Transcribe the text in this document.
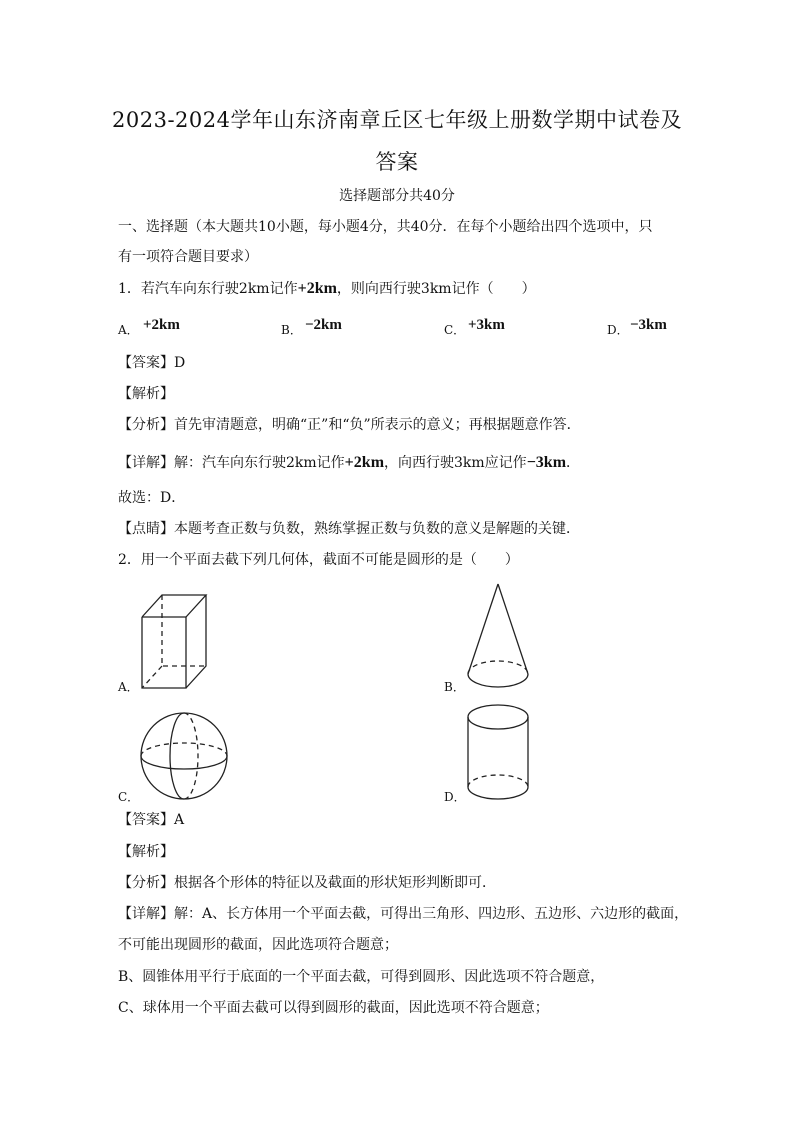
2023-2024学年山东济南章丘区七年级上册数学期中试卷及
答案
选择题部分共40分
一、选择题（本大题共10小题，每小题4分，共40分．在每个小题给出四个选项中，只
有一项符合题目要求）
1．若汽车向东行驶2km记作+2km，则向西行驶3km记作（　　）
A． +2km	B． −2km	C． +3km	D． −3km
【答案】D
【解析】
【分析】首先审清题意，明确“正”和“负”所表示的意义；再根据题意作答．
【详解】解：汽车向东行驶2km记作+2km，向西行驶3km应记作−3km．
故选：D．
【点睛】本题考查正数与负数，熟练掌握正数与负数的意义是解题的关键．
2．用一个平面去截下列几何体，截面不可能是圆形的是（　　）
A．	B．
C．	D．
【答案】A
【解析】
【分析】根据各个形体的特征以及截面的形状矩形判断即可．
【详解】解：A、长方体用一个平面去截，可得出三角形、四边形、五边形、六边形的截面，
不可能出现圆形的截面，因此选项符合题意；
B、圆锥体用平行于底面的一个平面去截，可得到圆形、因此选项不符合题意，
C、球体用一个平面去截可以得到圆形的截面，因此选项不符合题意；
